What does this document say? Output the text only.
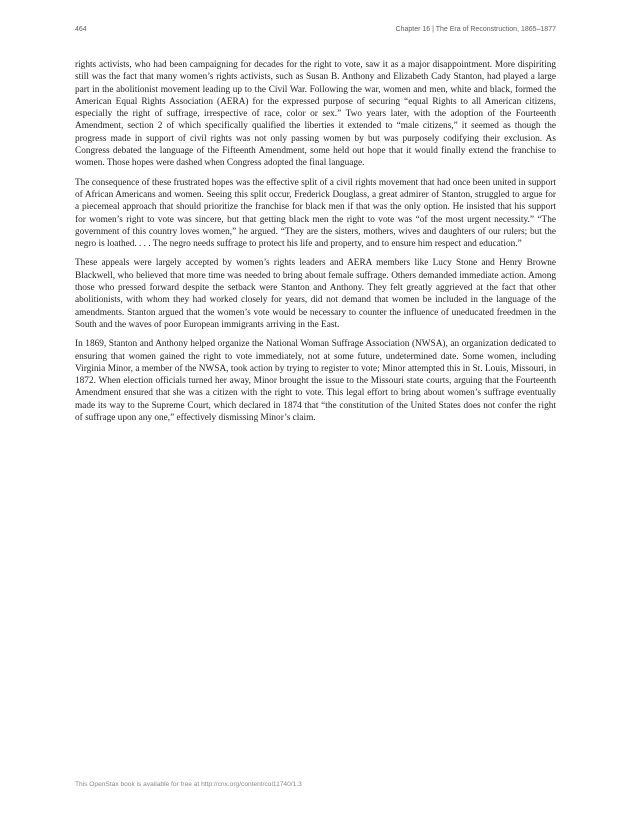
464	Chapter 16 | The Era of Reconstruction, 1865–1877

rights activists, who had been campaigning for decades for the right to vote, saw it as a major disappointment. More dispiriting still was the fact that many women’s rights activists, such as Susan B. Anthony and Elizabeth Cady Stanton, had played a large part in the abolitionist movement leading up to the Civil War. Following the war, women and men, white and black, formed the American Equal Rights Association (AERA) for the expressed purpose of securing “equal Rights to all American citizens, especially the right of suffrage, irrespective of race, color or sex.” Two years later, with the adoption of the Fourteenth Amendment, section 2 of which specifically qualified the liberties it extended to “male citizens,” it seemed as though the progress made in support of civil rights was not only passing women by but was purposely codifying their exclusion. As Congress debated the language of the Fifteenth Amendment, some held out hope that it would finally extend the franchise to women. Those hopes were dashed when Congress adopted the final language.

The consequence of these frustrated hopes was the effective split of a civil rights movement that had once been united in support of African Americans and women. Seeing this split occur, Frederick Douglass, a great admirer of Stanton, struggled to argue for a piecemeal approach that should prioritize the franchise for black men if that was the only option. He insisted that his support for women’s right to vote was sincere, but that getting black men the right to vote was “of the most urgent necessity.” “The government of this country loves women,” he argued. “They are the sisters, mothers, wives and daughters of our rulers; but the negro is loathed. . . . The negro needs suffrage to protect his life and property, and to ensure him respect and education.”

These appeals were largely accepted by women’s rights leaders and AERA members like Lucy Stone and Henry Browne Blackwell, who believed that more time was needed to bring about female suffrage. Others demanded immediate action. Among those who pressed forward despite the setback were Stanton and Anthony. They felt greatly aggrieved at the fact that other abolitionists, with whom they had worked closely for years, did not demand that women be included in the language of the amendments. Stanton argued that the women’s vote would be necessary to counter the influence of uneducated freedmen in the South and the waves of poor European immigrants arriving in the East.

In 1869, Stanton and Anthony helped organize the National Woman Suffrage Association (NWSA), an organization dedicated to ensuring that women gained the right to vote immediately, not at some future, undetermined date. Some women, including Virginia Minor, a member of the NWSA, took action by trying to register to vote; Minor attempted this in St. Louis, Missouri, in 1872. When election officials turned her away, Minor brought the issue to the Missouri state courts, arguing that the Fourteenth Amendment ensured that she was a citizen with the right to vote. This legal effort to bring about women’s suffrage eventually made its way to the Supreme Court, which declared in 1874 that “the constitution of the United States does not confer the right of suffrage upon any one,” effectively dismissing Minor’s claim.

This OpenStax book is available for free at http://cnx.org/content/col11740/1.3
